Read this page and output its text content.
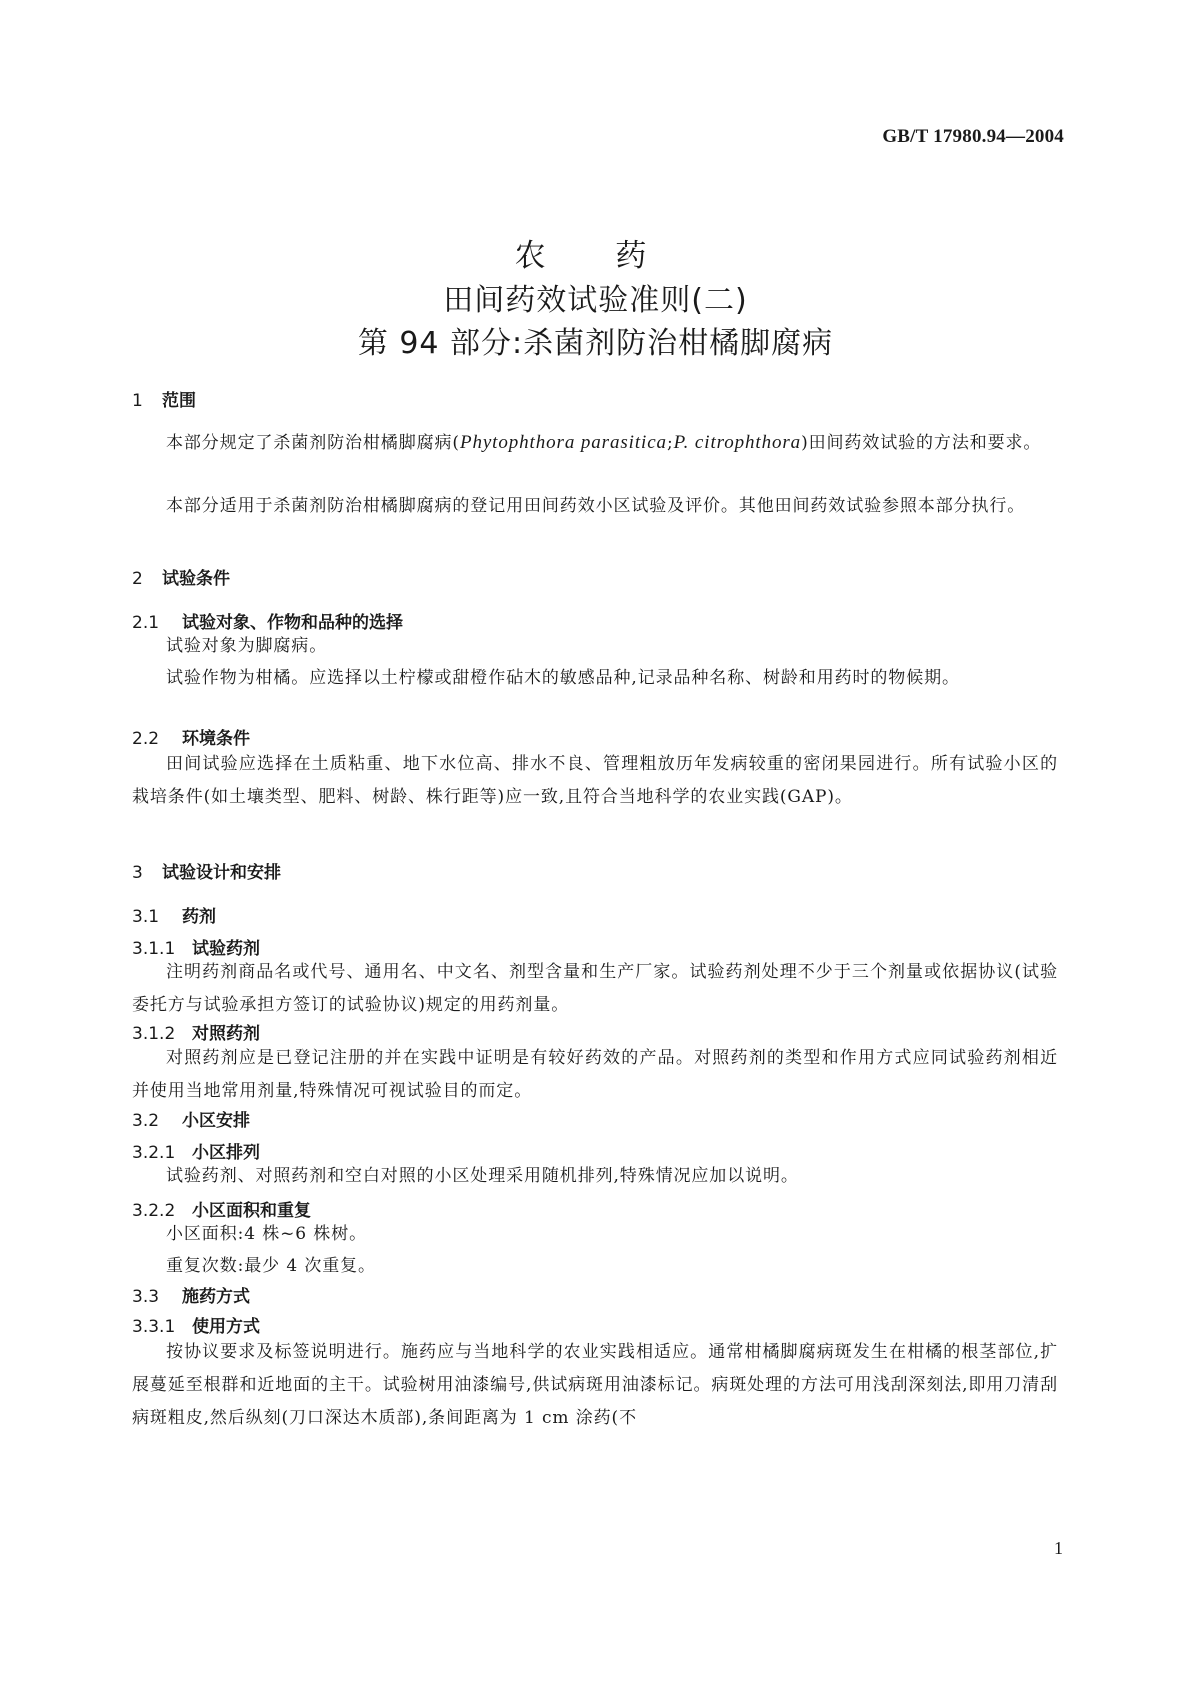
GB/T 17980.94—2004
农 药
田间药效试验准则(二)
第 94 部分:杀菌剂防治柑橘脚腐病
1 范围
本部分规定了杀菌剂防治柑橘脚腐病(Phytophthora parasitica;P. citrophthora)田间药效试验的方法和要求。
本部分适用于杀菌剂防治柑橘脚腐病的登记用田间药效小区试验及评价。其他田间药效试验参照本部分执行。
2 试验条件
2.1 试验对象、作物和品种的选择
试验对象为脚腐病。
试验作物为柑橘。应选择以土柠檬或甜橙作砧木的敏感品种,记录品种名称、树龄和用药时的物候期。
2.2 环境条件
田间试验应选择在土质粘重、地下水位高、排水不良、管理粗放历年发病较重的密闭果园进行。所有试验小区的栽培条件(如土壤类型、肥料、树龄、株行距等)应一致,且符合当地科学的农业实践(GAP)。
3 试验设计和安排
3.1 药剂
3.1.1 试验药剂
注明药剂商品名或代号、通用名、中文名、剂型含量和生产厂家。试验药剂处理不少于三个剂量或依据协议(试验委托方与试验承担方签订的试验协议)规定的用药剂量。
3.1.2 对照药剂
对照药剂应是已登记注册的并在实践中证明是有较好药效的产品。对照药剂的类型和作用方式应同试验药剂相近并使用当地常用剂量,特殊情况可视试验目的而定。
3.2 小区安排
3.2.1 小区排列
试验药剂、对照药剂和空白对照的小区处理采用随机排列,特殊情况应加以说明。
3.2.2 小区面积和重复
小区面积:4 株~6 株树。
重复次数:最少 4 次重复。
3.3 施药方式
3.3.1 使用方式
按协议要求及标签说明进行。施药应与当地科学的农业实践相适应。通常柑橘脚腐病斑发生在柑橘的根茎部位,扩展蔓延至根群和近地面的主干。试验树用油漆编号,供试病斑用油漆标记。病斑处理的方法可用浅刮深刻法,即用刀清刮病斑粗皮,然后纵刻(刀口深达木质部),条间距离为 1 cm 涂药(不
1
